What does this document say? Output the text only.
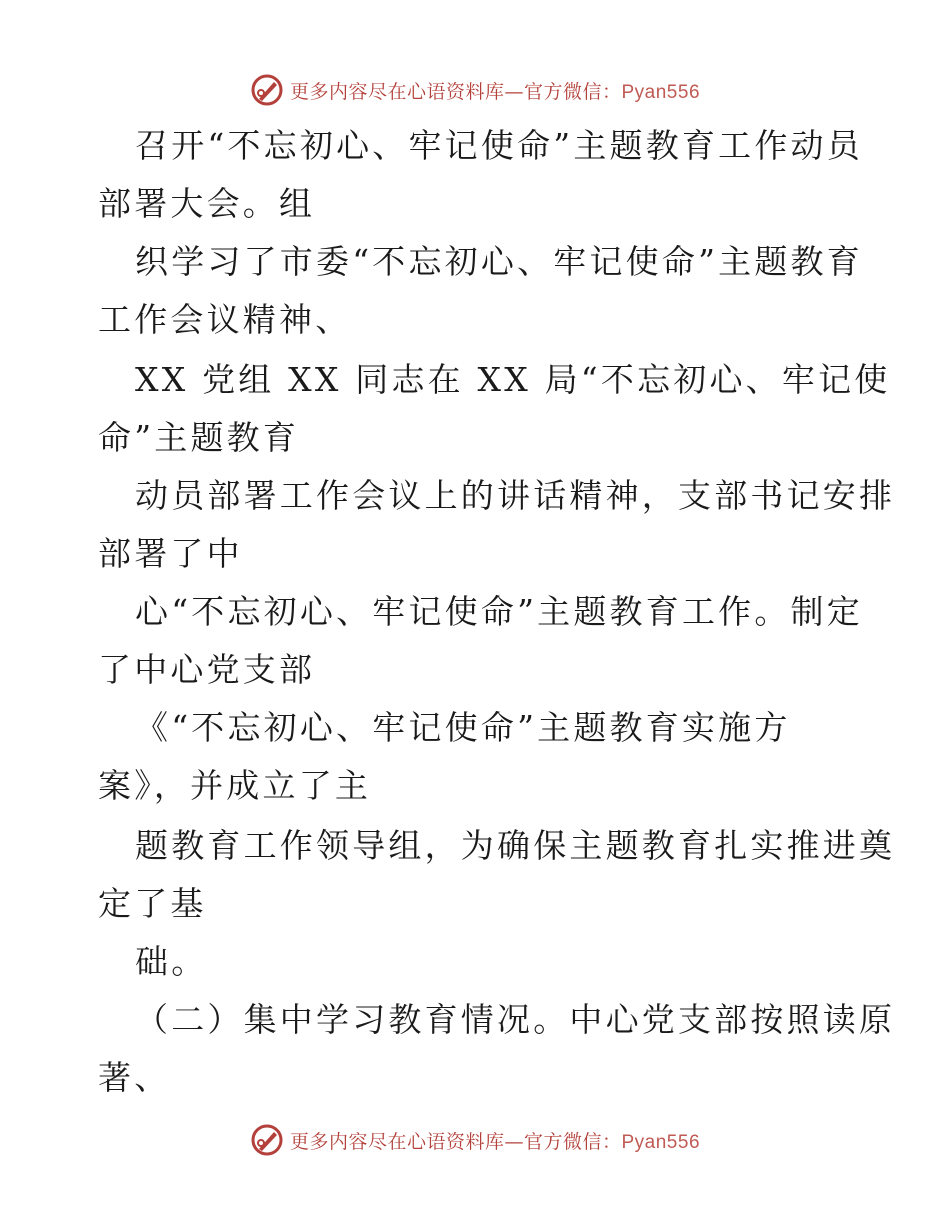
更多内容尽在心语资料库—官方微信：Pyan556
召开“不忘初心、牢记使命”主题教育工作动员
部署大会。组
织学习了市委“不忘初心、牢记使命”主题教育
工作会议精神、
XX 党组 XX 同志在 XX 局“不忘初心、牢记使
命”主题教育
动员部署工作会议上的讲话精神，支部书记安排
部署了中
心“不忘初心、牢记使命”主题教育工作。制定
了中心党支部
《“不忘初心、牢记使命”主题教育实施方
案》，并成立了主
题教育工作领导组，为确保主题教育扎实推进奠
定了基
础。
（二）集中学习教育情况。中心党支部按照读原
著、
更多内容尽在心语资料库—官方微信：Pyan556
